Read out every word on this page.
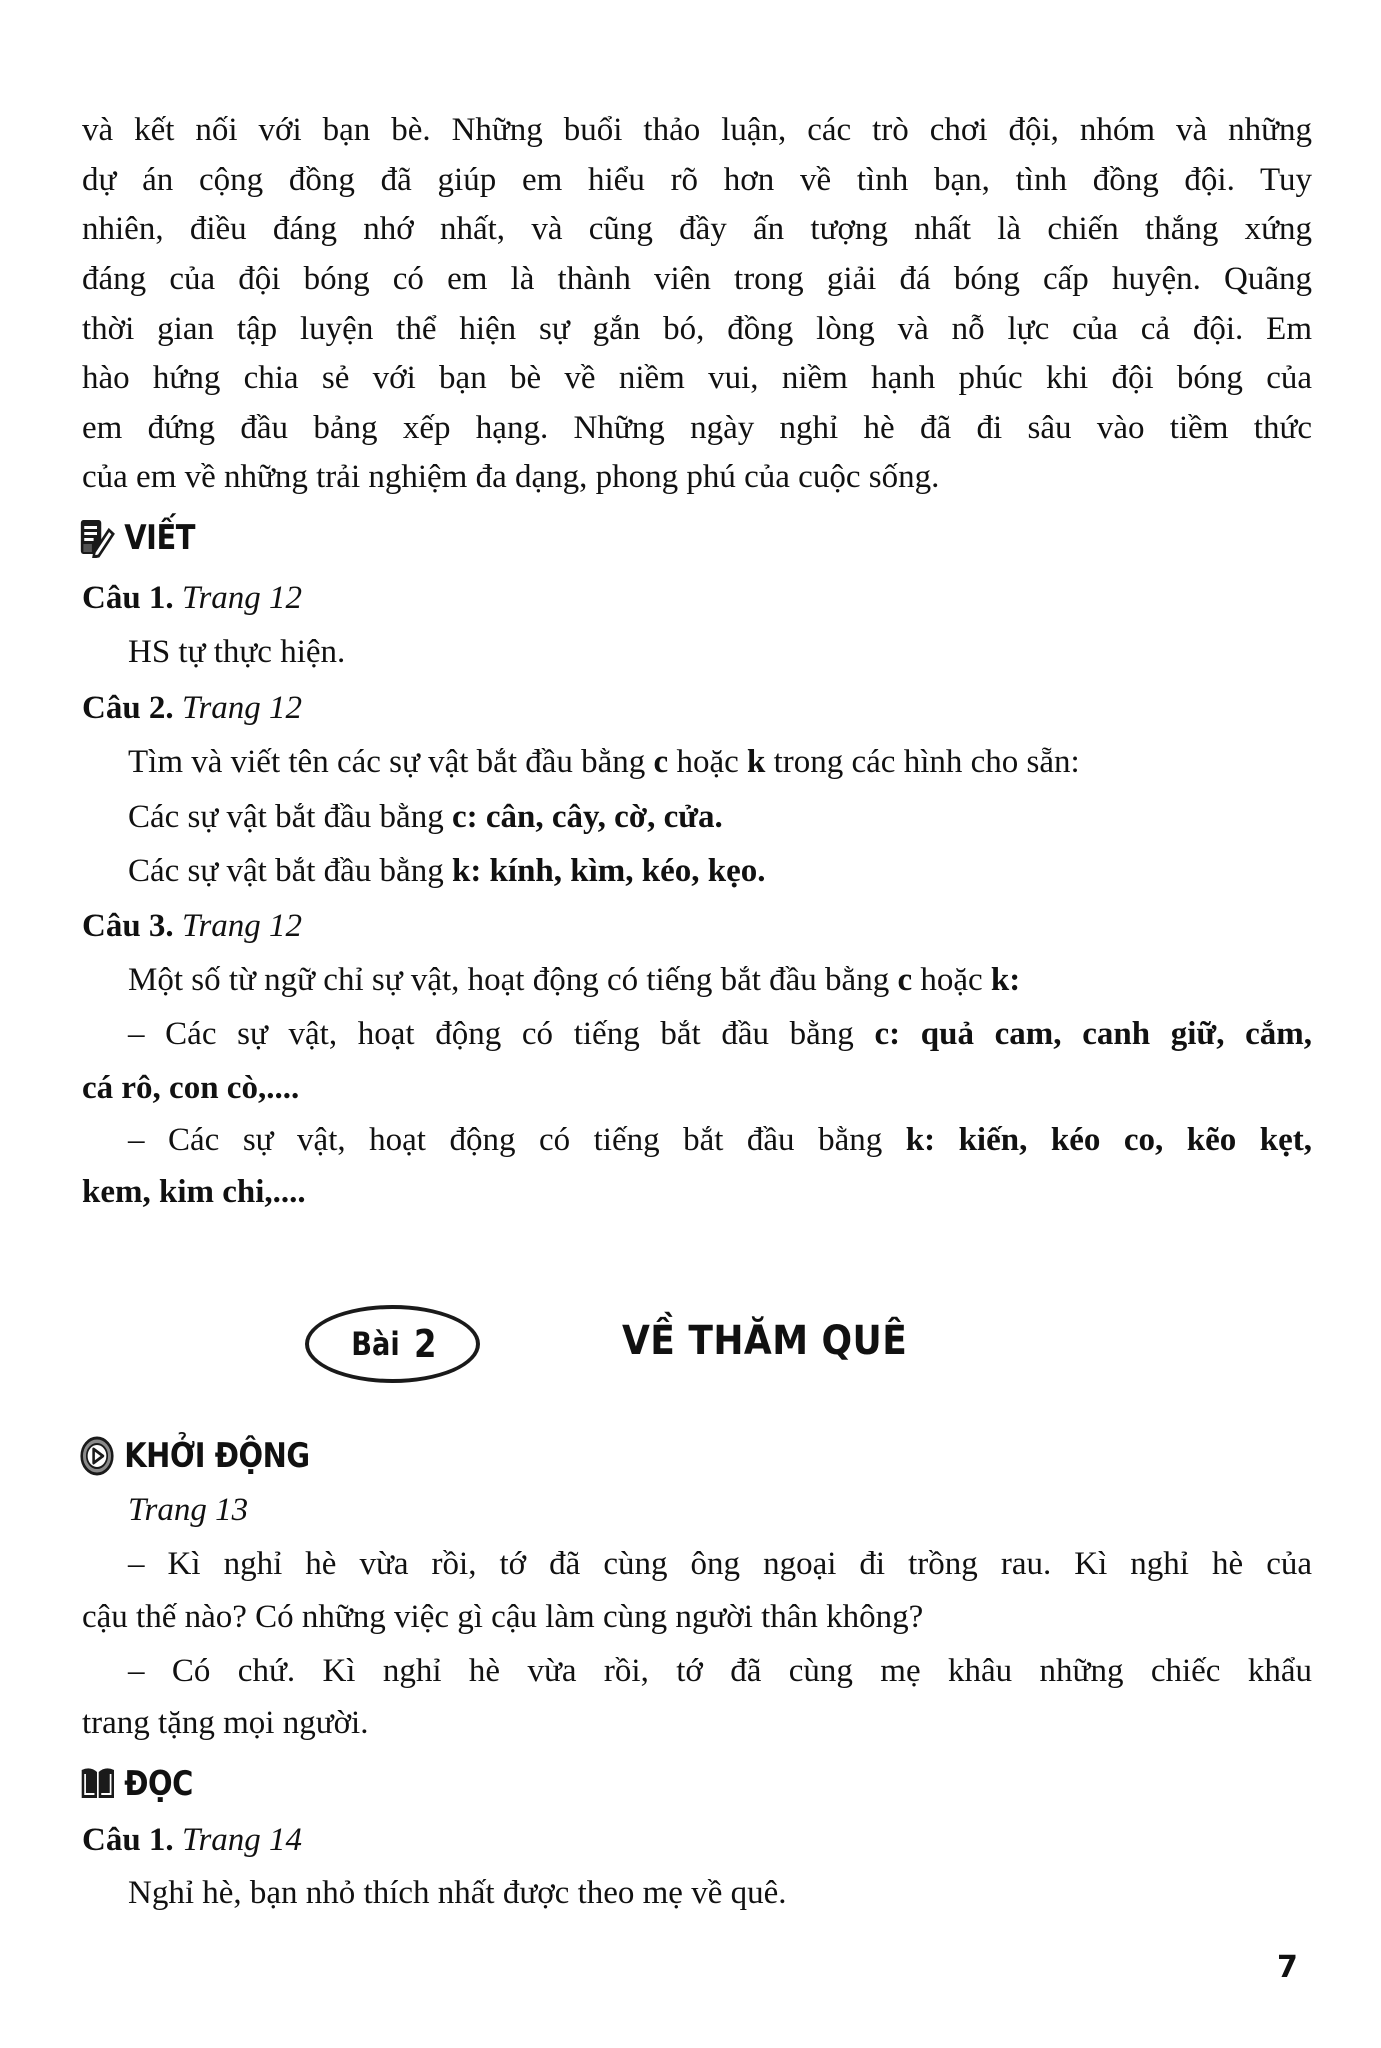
và kết nối với bạn bè. Những buổi thảo luận, các trò chơi đội, nhóm và những
dự án cộng đồng đã giúp em hiểu rõ hơn về tình bạn, tình đồng đội. Tuy
nhiên, điều đáng nhớ nhất, và cũng đầy ấn tượng nhất là chiến thắng xứng
đáng của đội bóng có em là thành viên trong giải đá bóng cấp huyện. Quãng
thời gian tập luyện thể hiện sự gắn bó, đồng lòng và nỗ lực của cả đội. Em
hào hứng chia sẻ với bạn bè về niềm vui, niềm hạnh phúc khi đội bóng của
em đứng đầu bảng xếp hạng. Những ngày nghỉ hè đã đi sâu vào tiềm thức
của em về những trải nghiệm đa dạng, phong phú của cuộc sống.
VIẾT
Câu 1. Trang 12
HS tự thực hiện.
Câu 2. Trang 12
Tìm và viết tên các sự vật bắt đầu bằng c hoặc k trong các hình cho sẵn:
Các sự vật bắt đầu bằng c: cân, cây, cờ, cửa.
Các sự vật bắt đầu bằng k: kính, kìm, kéo, kẹo.
Câu 3. Trang 12
Một số từ ngữ chỉ sự vật, hoạt động có tiếng bắt đầu bằng c hoặc k:
– Các sự vật, hoạt động có tiếng bắt đầu bằng c: quả cam, canh giữ, cắm,
cá rô, con cò,....
– Các sự vật, hoạt động có tiếng bắt đầu bằng k: kiến, kéo co, kẽo kẹt,
kem, kim chi,....
Bài 2	VỀ THĂM QUÊ
KHỞI ĐỘNG
Trang 13
– Kì nghỉ hè vừa rồi, tớ đã cùng ông ngoại đi trồng rau. Kì nghỉ hè của
cậu thế nào? Có những việc gì cậu làm cùng người thân không?
– Có chứ. Kì nghỉ hè vừa rồi, tớ đã cùng mẹ khâu những chiếc khẩu
trang tặng mọi người.
ĐỌC
Câu 1. Trang 14
Nghỉ hè, bạn nhỏ thích nhất được theo mẹ về quê.
7
